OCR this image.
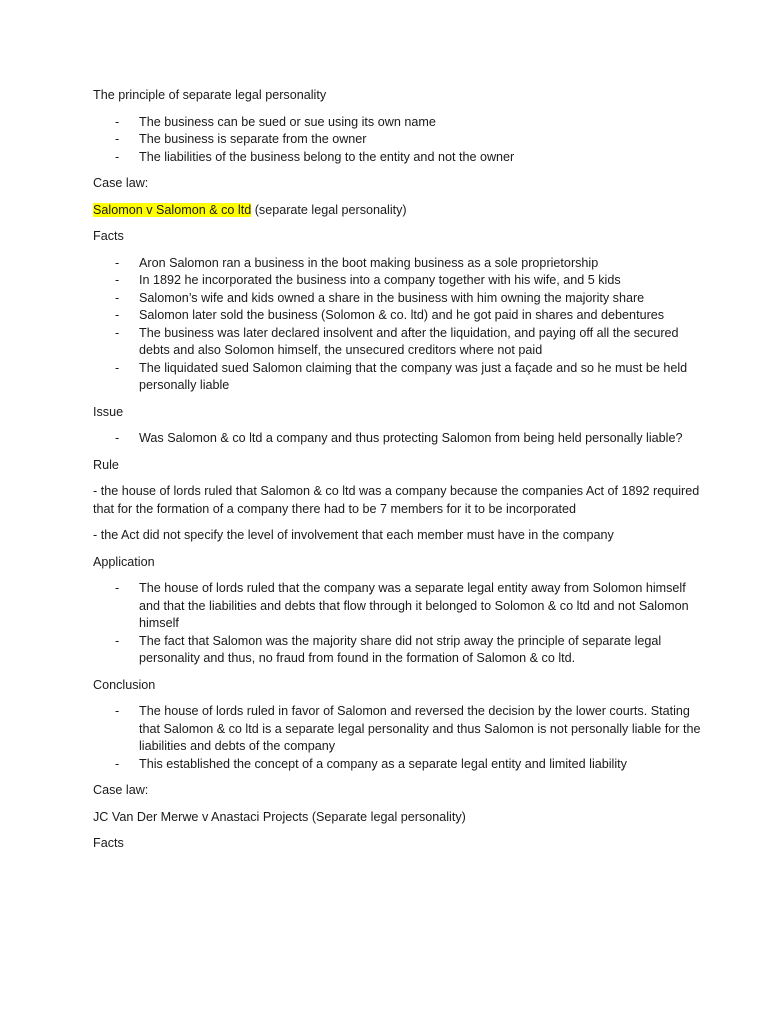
The principle of separate legal personality

- The business can be sued or sue using its own name
- The business is separate from the owner
- The liabilities of the business belong to the entity and not the owner

Case law:

Salomon v Salomon & co ltd (separate legal personality)

Facts

- Aron Salomon ran a business in the boot making business as a sole proprietorship
- In 1892 he incorporated the business into a company together with his wife, and 5 kids
- Salomon’s wife and kids owned a share in the business with him owning the majority share
- Salomon later sold the business (Solomon & co. ltd) and he got paid in shares and debentures
- The business was later declared insolvent and after the liquidation, and paying off all the secured debts and also Solomon himself, the unsecured creditors where not paid
- The liquidated sued Salomon claiming that the company was just a façade and so he must be held personally liable

Issue

- Was Salomon & co ltd a company and thus protecting Salomon from being held personally liable?

Rule

- the house of lords ruled that Salomon & co ltd was a company because the companies Act of 1892 required that for the formation of a company there had to be 7 members for it to be incorporated

- the Act did not specify the level of involvement that each member must have in the company

Application

- The house of lords ruled that the company was a separate legal entity away from Solomon himself and that the liabilities and debts that flow through it belonged to Solomon & co ltd and not Salomon himself
- The fact that Salomon was the majority share did not strip away the principle of separate legal personality and thus, no fraud from found in the formation of Salomon & co ltd.

Conclusion

- The house of lords ruled in favor of Salomon and reversed the decision by the lower courts. Stating that Salomon & co ltd is a separate legal personality and thus Salomon is not personally liable for the liabilities and debts of the company
- This established the concept of a company as a separate legal entity and limited liability

Case law:

JC Van Der Merwe v Anastaci Projects (Separate legal personality)

Facts
